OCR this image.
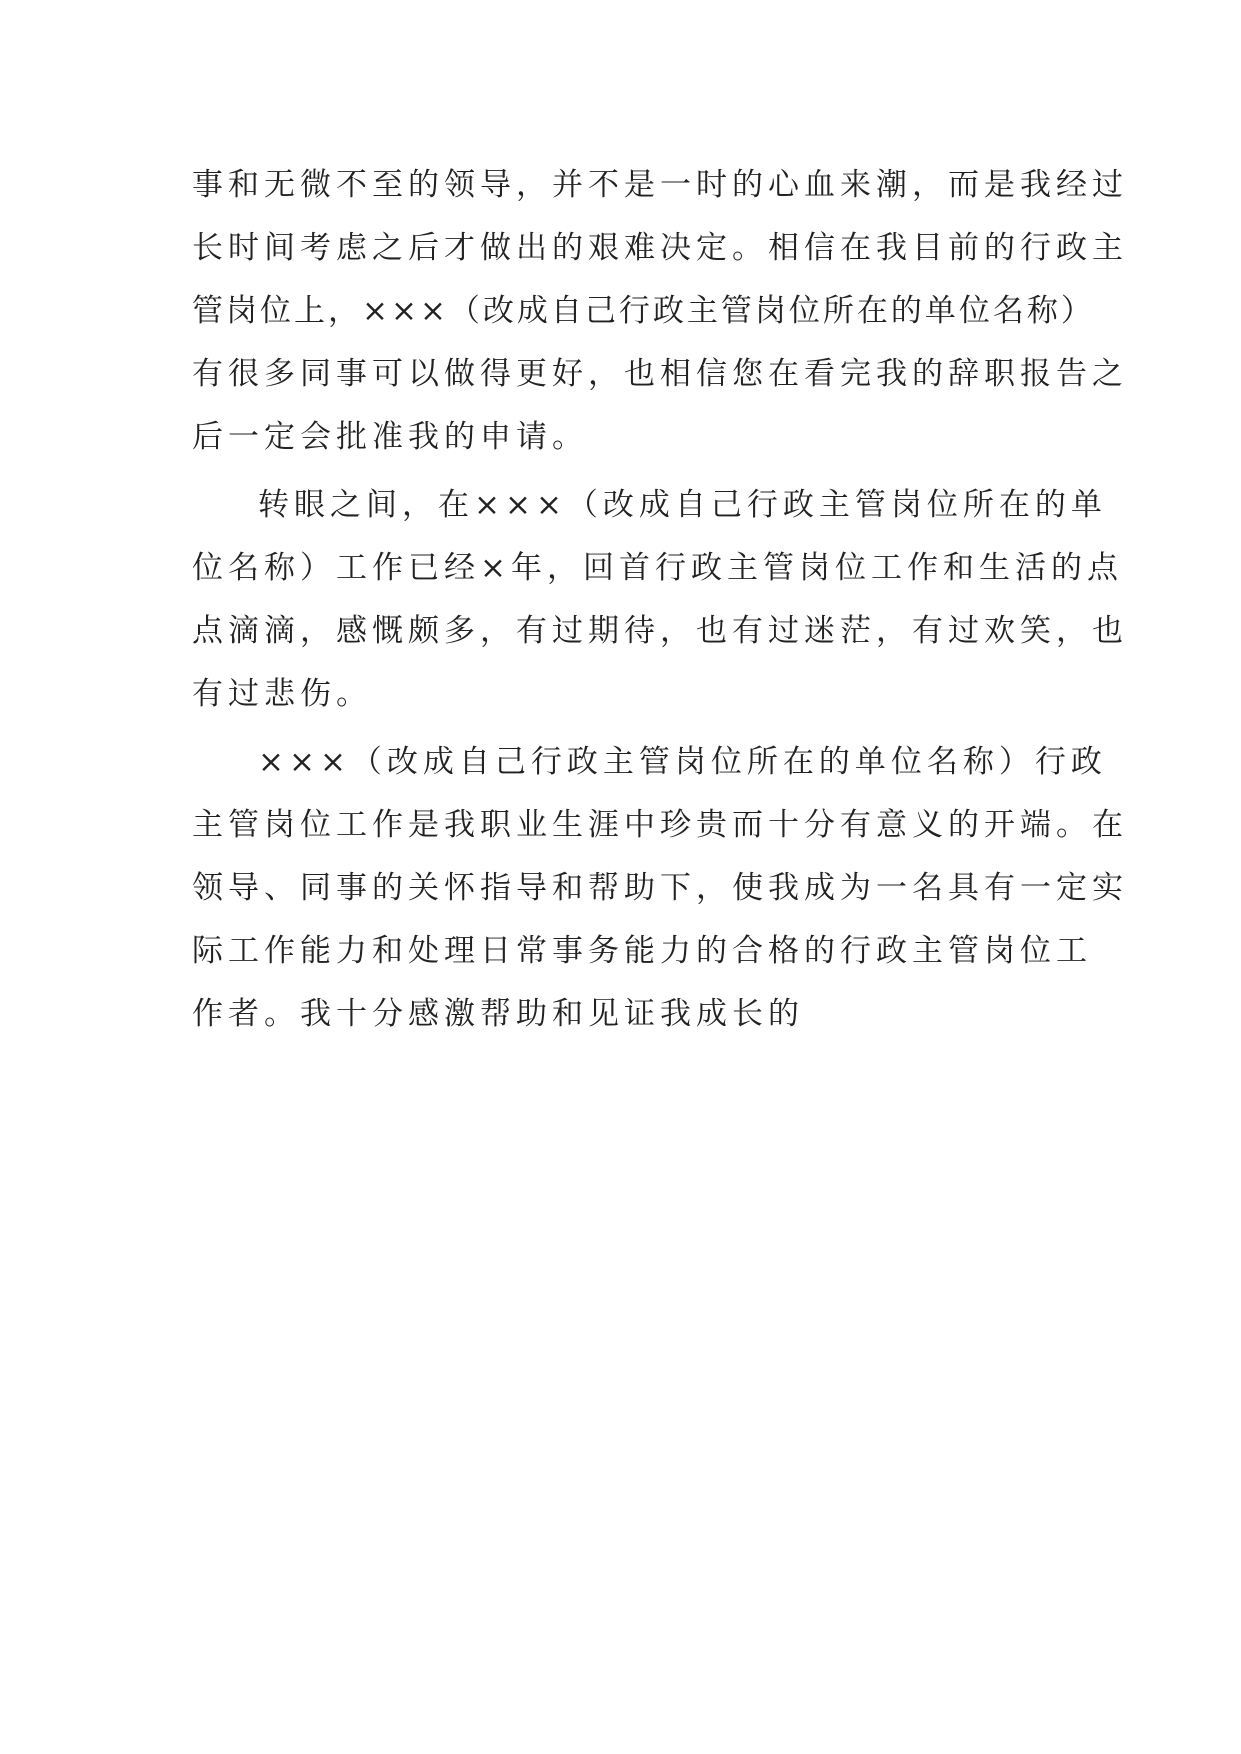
事和无微不至的领导，并不是一时的心血来潮，而是我经过
长时间考虑之后才做出的艰难决定。相信在我目前的行政主
管岗位上，×××（改成自己行政主管岗位所在的单位名称）
有很多同事可以做得更好，也相信您在看完我的辞职报告之
后一定会批准我的申请。
转眼之间，在×××（改成自己行政主管岗位所在的单
位名称）工作已经×年，回首行政主管岗位工作和生活的点
点滴滴，感慨颇多，有过期待，也有过迷茫，有过欢笑，也
有过悲伤。
×××（改成自己行政主管岗位所在的单位名称）行政
主管岗位工作是我职业生涯中珍贵而十分有意义的开端。在
领导、同事的关怀指导和帮助下，使我成为一名具有一定实
际工作能力和处理日常事务能力的合格的行政主管岗位工
作者。我十分感激帮助和见证我成长的
